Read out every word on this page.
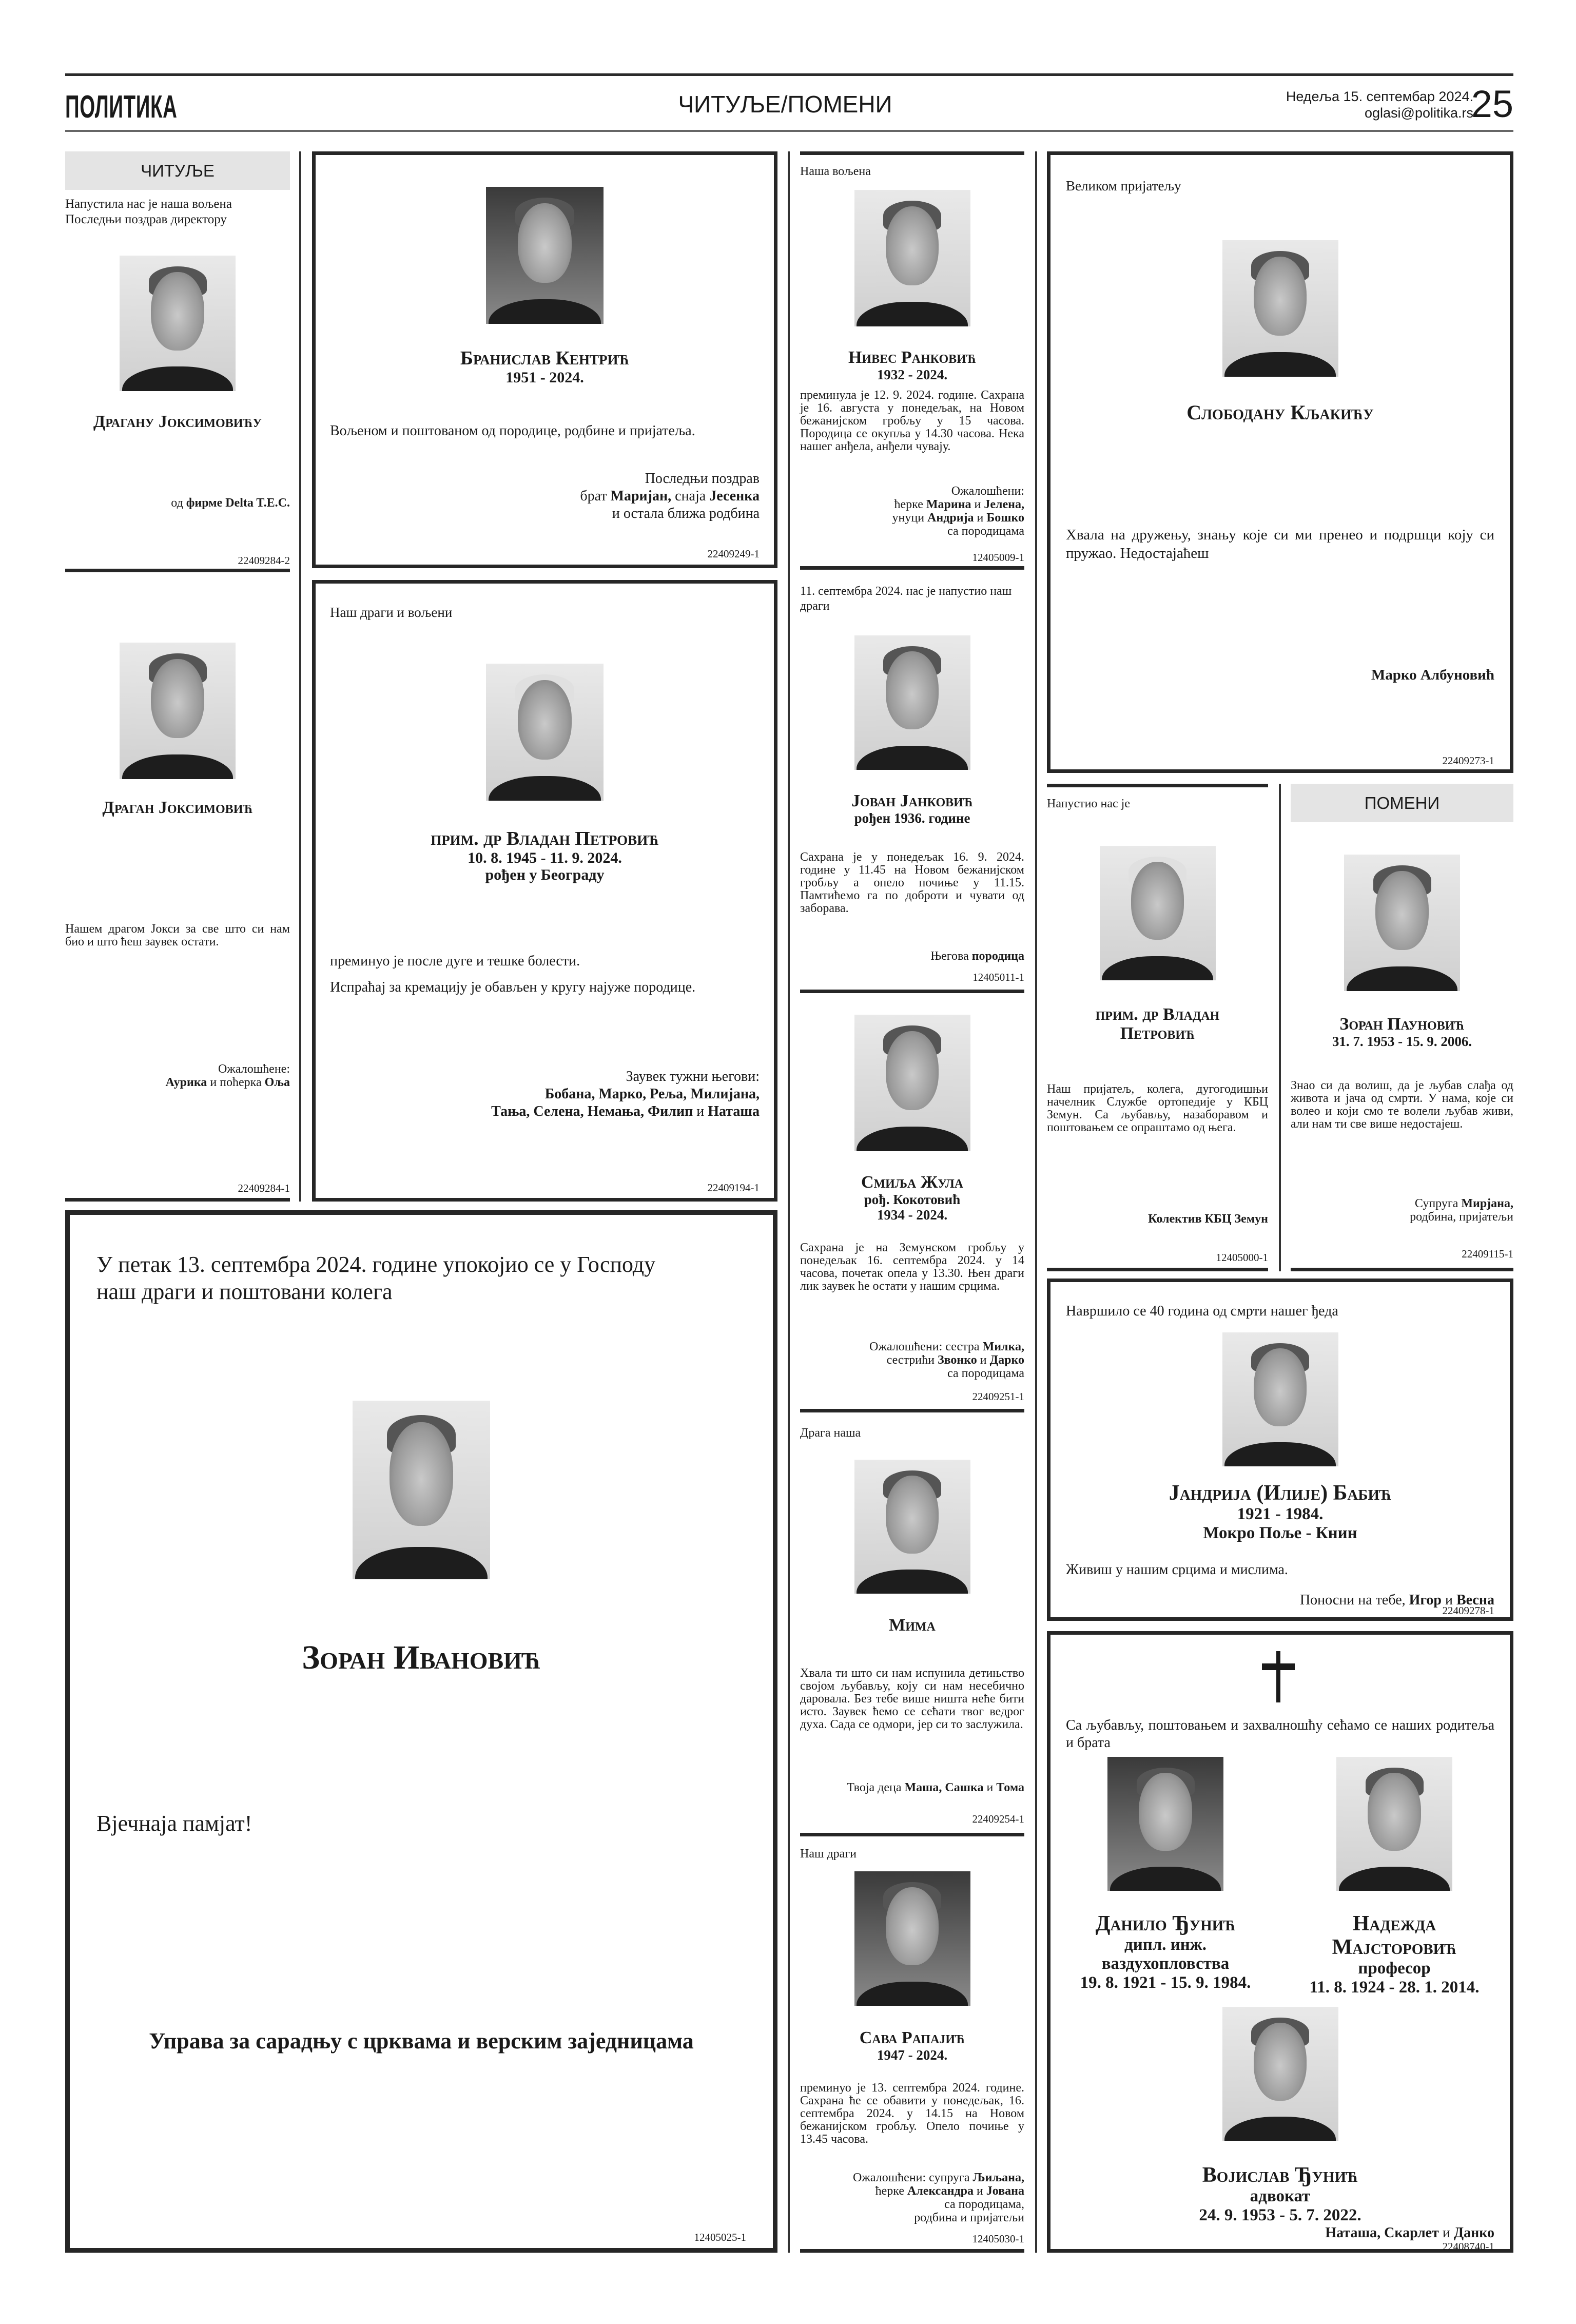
ПОЛИТИКА	ЧИТУЉЕ/ПОМЕНИ	Недеља 15. септембар 2024.
oglasi@politika.rs
25
ЧИТУЉЕ
ПОМЕНИ
Напустила нас је наша вољена
Последњи поздрав директору
Драгану Јоксимовићу
од фирме Delta T.E.C.
22409284-2
Драган Јоксимовић

Нашем драгом Јокси за све што си нам био и што ћеш заувек остати.

Ожалошћене:
Аурика и поћерка Оља
22409284-1
Бранислав Кентрић
1951 - 2024.

Вољеном и поштованом од породице, родбине и пријатеља.

Последњи поздрав
брат Маријан, снаја Јесенка
и остала ближа родбина
22409249-1
Наш драги и вољени
прим. др Владан Петровић
10. 8. 1945 - 11. 9. 2024.
рођен у Београду

преминуо је после дуге и тешке болести.

Испраћај за кремацију је обављен у кругу најуже породице.

Заувек тужни његови:
Бобана, Марко, Реља, Милијана,
Тања, Селена, Немања, Филип и Наташа
22409194-1
У петак 13. септембра 2024. године упокојио се у Господу
наш драги и поштовани колега
Зоран Ивановић

Вјечнаја памјат!

Управа за сарадњу с црквама и верским заједницама
12405025-1
Наша вољена
Нивес Ранковић
1932 - 2024.

преминула је 12. 9. 2024. године. Сахрана је 16. августа у понедељак, на Новом бежанијском гробљу у 15 часова. Породица се окупља у 14.30 часова. Нека нашег анђела, анђели чувају.

Ожалошћени:
ћерке Марина и Јелена,
унуци Андрија и Бошко
са породицама
12405009-1
11. септембра 2024. нас је напустио наш драги
Јован Јанковић
рођен 1936. године

Сахрана је у понедељак 16. 9. 2024. године у 11.45 на Новом бежанијском гробљу а опело почиње у 11.15. Памтићемо га по доброти и чувати од заборава.

Његова породица
12405011-1
Смиља Жула
рођ. Кокотовић
1934 - 2024.

Сахрана је на Земунском гробљу у понедељак 16. септембра 2024. у 14 часова, почетак опела у 13.30. Њен драги лик заувек ће остати у нашим срцима.

Ожалошћени: сестра Милка,
сестрићи Звонко и Дарко
са породицама
22409251-1
Драга наша
Мима

Хвала ти што си нам испунила детињство својом љубављу, коју си нам несебично даровала. Без тебе више ништа неће бити исто. Заувек ћемо се сећати твог ведрог духа. Сада се одмори, јер си то заслужила.

Твоја деца Маша, Сашка и Тома
22409254-1
Наш драги
Сава Рапајић
1947 - 2024.

преминуо је 13. септембра 2024. године. Сахрана ће се обавити у понедељак, 16. септембра 2024. у 14.15 на Новом бежанијском гробљу. Опело почиње у 13.45 часова.

Ожалошћени: супруга Љиљана,
ћерке Александра и Јована
са породицама,
родбина и пријатељи
12405030-1
Великом пријатељу
Слободану Кљакићу

Хвала на дружењу, знању које си ми пренео и подршци коју си пружао. Недостајаћеш

Марко Албуновић
22409273-1
Напустио нас је
прим. др Владан
Петровић

Наш пријатељ, колега, дугогодишњи начелник Службе ортопедије у КБЦ Земун. Са љубављу, назаборавом и поштовањем се опраштамо од њега.

Колектив КБЦ Земун
12405000-1
Зоран Пауновић
31. 7. 1953 - 15. 9. 2006.

Знао си да волиш, да је љубав слађа од живота и јача од смрти. У нама, које си волео и који смо те волели љубав живи, али нам ти све више недостајеш.

Супруга Мирјана,
родбина, пријатељи
22409115-1
Навршило се 40 година од смрти нашег ђеда
Јандрија (Илије) Бабић
1921 - 1984.
Мокро Поље - Книн

Живиш у нашим срцима и мислима.

Поносни на тебе, Игор и Весна
22409278-1
Са љубављу, поштовањем и захвалношћу сећамо се наших родитеља и брата
Данило Ђунић
дипл. инж.
ваздухопловства
19. 8. 1921 - 15. 9. 1984.
Надежда
Мајсторовић
професор
11. 8. 1924 - 28. 1. 2014.
Војислав Ђунић
адвокат
24. 9. 1953 - 5. 7. 2022.
Наташа, Скарлет и Данко
22408740-1
